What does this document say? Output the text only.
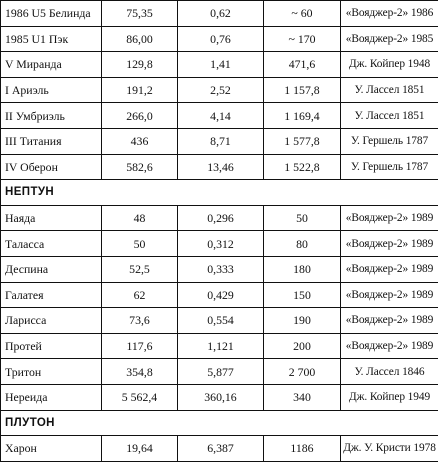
1986 U5 Белинда	75,35	0,62	~ 60	«Вояджер-2» 1986
1985 U1 Пэк	86,00	0,76	~ 170	«Вояджер-2» 1985
V Миранда	129,8	1,41	471,6	Дж. Койпер 1948
I Ариэль	191,2	2,52	1 157,8	У. Лассел 1851
II Умбриэль	266,0	4,14	1 169,4	У. Лассел 1851
III Титания	436	8,71	1 577,8	У. Гершель 1787
IV Оберон	582,6	13,46	1 522,8	У. Гершель 1787
НЕПТУН				
Наяда	48	0,296	50	«Вояджер-2» 1989
Таласса	50	0,312	80	«Вояджер-2» 1989
Деспина	52,5	0,333	180	«Вояджер-2» 1989
Галатея	62	0,429	150	«Вояджер-2» 1989
Ларисса	73,6	0,554	190	«Вояджер-2» 1989
Протей	117,6	1,121	200	«Вояджер-2» 1989
Тритон	354,8	5,877	2 700	У. Лассел 1846
Нереида	5 562,4	360,16	340	Дж. Койпер 1949
ПЛУТОН				
Харон	19,64	6,387	1186	Дж. У. Кристи 1978
